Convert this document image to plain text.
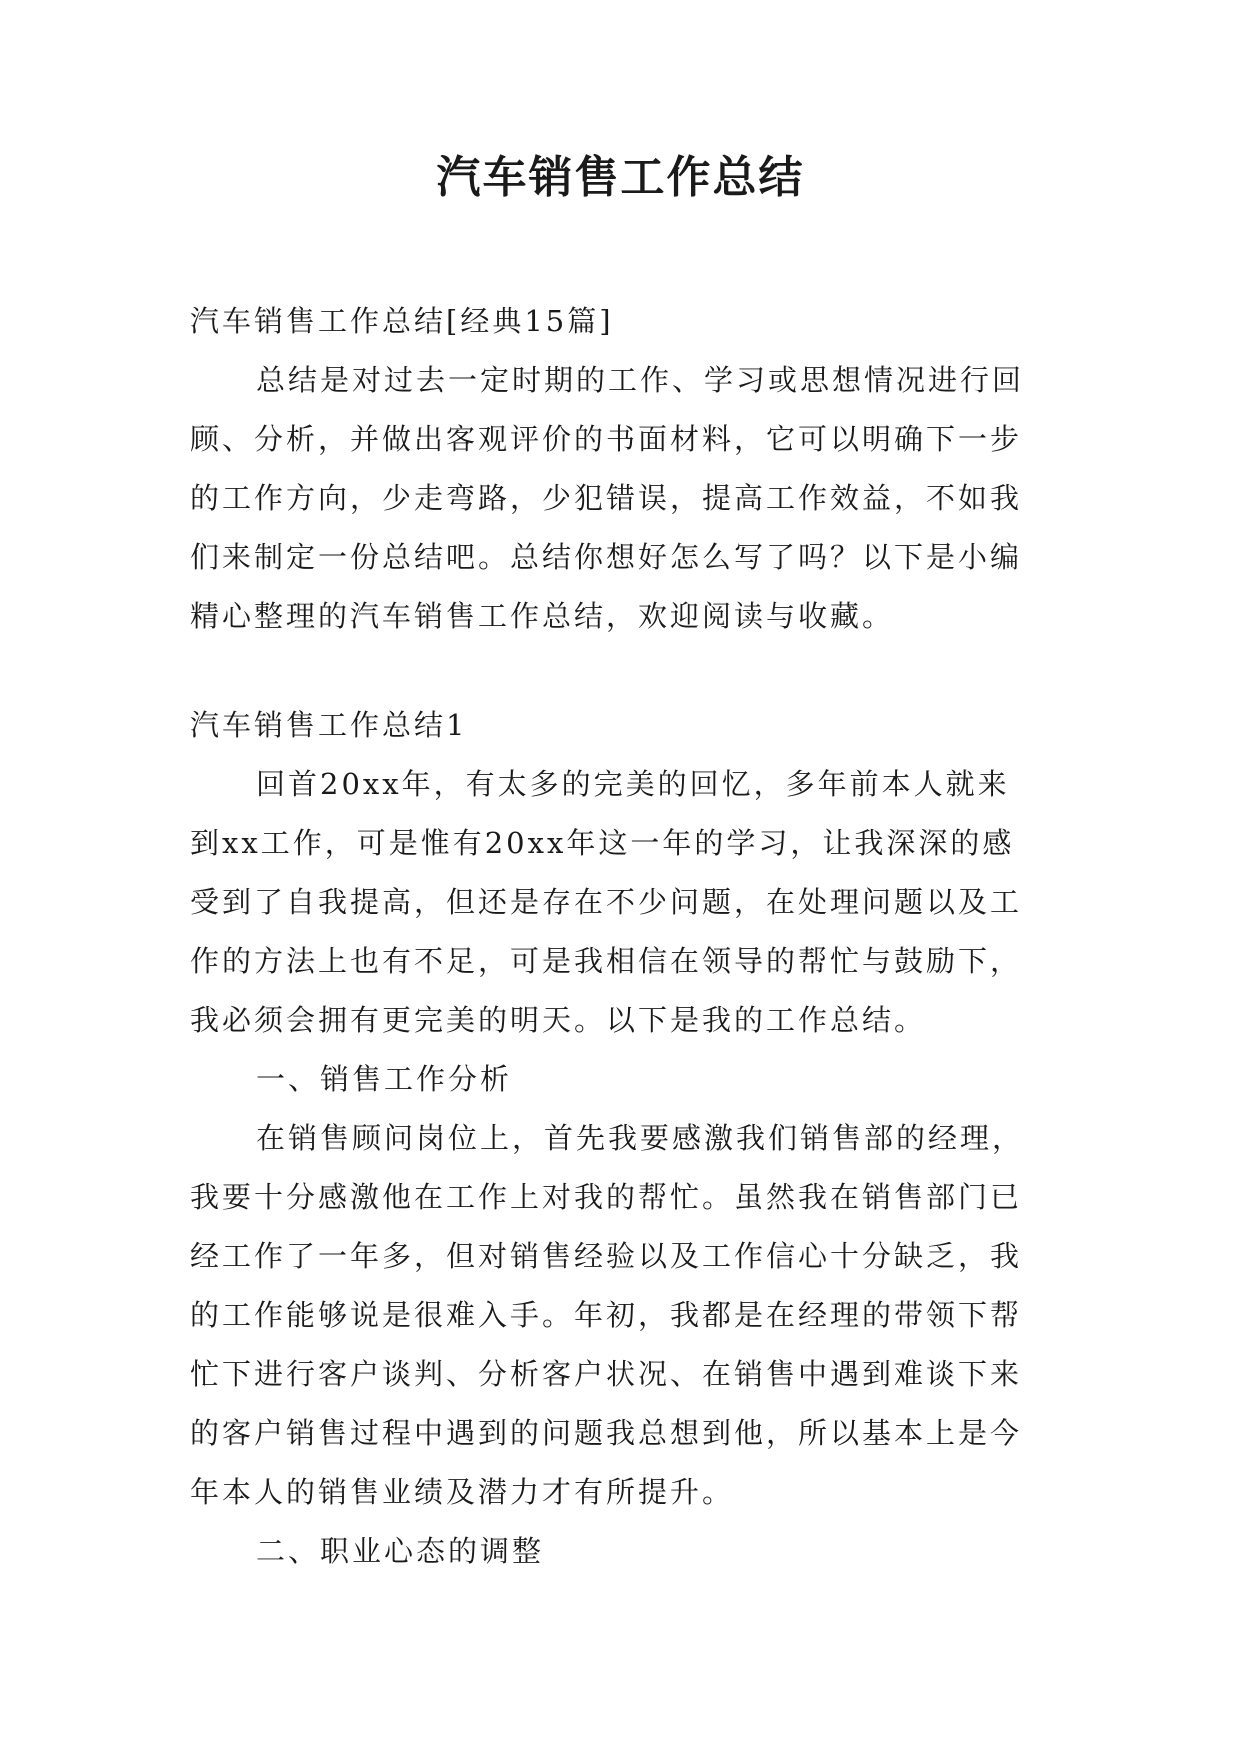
汽车销售工作总结

汽车销售工作总结[经典15篇]

总结是对过去一定时期的工作、学习或思想情况进行回

顾、分析，并做出客观评价的书面材料，它可以明确下一步

的工作方向，少走弯路，少犯错误，提高工作效益，不如我

们来制定一份总结吧。总结你想好怎么写了吗？以下是小编

精心整理的汽车销售工作总结，欢迎阅读与收藏。

汽车销售工作总结1

回首20xx年，有太多的完美的回忆，多年前本人就来

到xx工作，可是惟有20xx年这一年的学习，让我深深的感

受到了自我提高，但还是存在不少问题，在处理问题以及工

作的方法上也有不足，可是我相信在领导的帮忙与鼓励下，

我必须会拥有更完美的明天。以下是我的工作总结。

一、销售工作分析

在销售顾问岗位上，首先我要感激我们销售部的经理，

我要十分感激他在工作上对我的帮忙。虽然我在销售部门已

经工作了一年多，但对销售经验以及工作信心十分缺乏，我

的工作能够说是很难入手。年初，我都是在经理的带领下帮

忙下进行客户谈判、分析客户状况、在销售中遇到难谈下来

的客户销售过程中遇到的问题我总想到他，所以基本上是今

年本人的销售业绩及潜力才有所提升。

二、职业心态的调整
